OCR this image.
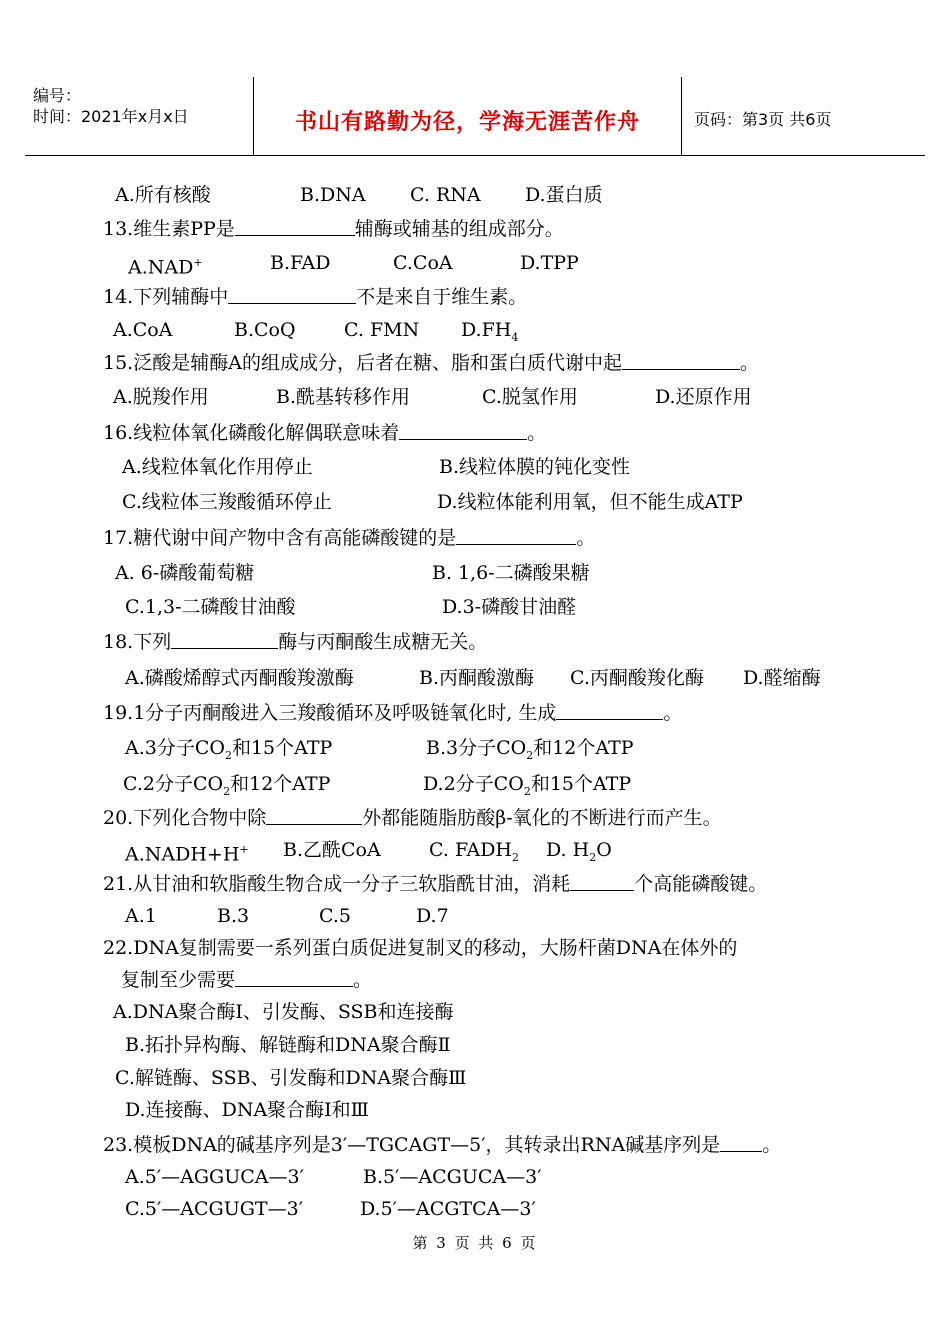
编号：
时间：2021年x月x日	书山有路勤为径，学海无涯苦作舟	页码：第3页 共6页
A.所有核酸	B.DNA C. RNA D.蛋白质
13.维生素PP是	辅酶或辅基的组成部分。
A.NAD+	B.FAD	C.CoA	D.TPP
14.下列辅酶中	不是来自于维生素。
A.CoA	B.CoQ	C. FMN $D.FH_4$
15.泛酸是辅酶A的组成成分，后者在糖、脂和蛋白质代谢中起	。
A.脱羧作用	B.酰基转移作用	C.脱氢作用	D.还原作用
16.线粒体氧化磷酸化解偶联意味着	。
A.线粒体氧化作用停止	B.线粒体膜的钝化变性
C.线粒体三羧酸循环停止	D.线粒体能利用氧，但不能生成ATP
17.糖代谢中间产物中含有高能磷酸键的是	。
A. 6-磷酸葡萄糖	B. 1,6-二磷酸果糖
C.1,3-二磷酸甘油酸	D.3-磷酸甘油醛
18.下列	酶与丙酮酸生成糖无关。
A.磷酸烯醇式丙酮酸羧激酶	B.丙酮酸激酶 C.丙酮酸羧化酶 D.醛缩酶
19.1分子丙酮酸进入三羧酸循环及呼吸链氧化时, 生成	。
A.3分子$CO_2$和15个ATP	B.3分子$CO_2$和12个ATP
C.2分子$CO_2$和12个ATP	D.2分子$CO_2$和15个ATP
20.下列化合物中除	外都能随脂肪酸β-氧化的不断进行而产生。
A.NADH+H+ B.乙酰CoA	C. $FADH_2$ D. $H_2O$
21.从甘油和软脂酸生物合成一分子三软脂酰甘油，消耗	个高能磷酸键。
A.1	B.3	C.5	D.7
22.DNA复制需要一系列蛋白质促进复制叉的移动，大肠杆菌DNA在体外的
复制至少需要	。
A.DNA聚合酶Ⅰ、引发酶、SSB和连接酶
B.拓扑异构酶、解链酶和DNA聚合酶Ⅱ
C.解链酶、SSB、引发酶和DNA聚合酶Ⅲ
D.连接酶、DNA聚合酶Ⅰ和Ⅲ
23.模板DNA的碱基序列是3′—TGCAGT—5′，其转录出RNA碱基序列是 。
A.5′—AGGUCA—3′	B.5′—ACGUCA—3′
C.5′—ACGUGT—3′	D.5′—ACGTCA—3′
第 3 页 共 6 页
